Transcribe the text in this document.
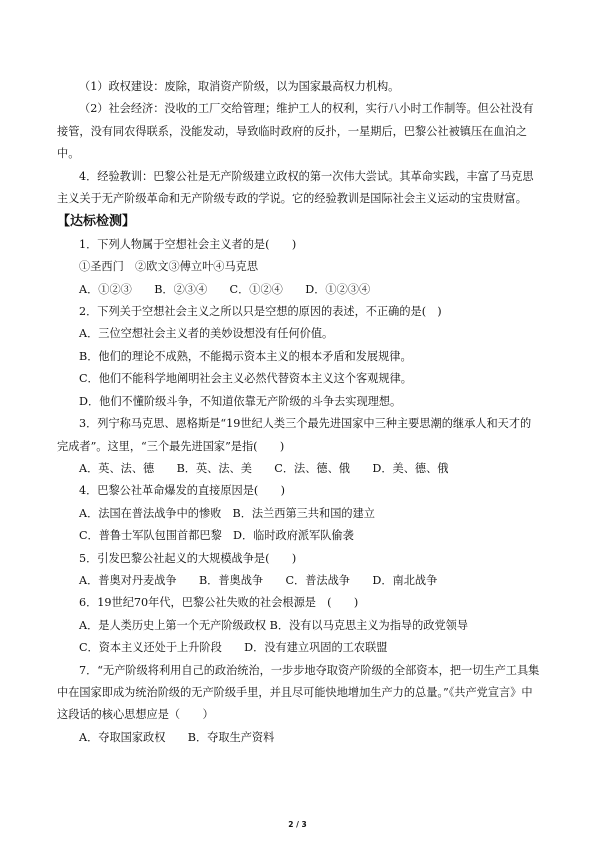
（1）政权建设：废除，取消资产阶级，以为国家最高权力机构。

（2）社会经济：没收的工厂交给管理；维护工人的权利，实行八小时工作制等。但公社没有接管，没有同农得联系，没能发动，导致临时政府的反扑，一星期后，巴黎公社被镇压在血泊之中。

4．经验教训：巴黎公社是无产阶级建立政权的第一次伟大尝试。其革命实践，丰富了马克思主义关于无产阶级革命和无产阶级专政的学说。它的经验教训是国际社会主义运动的宝贵财富。

【达标检测】

1．下列人物属于空想社会主义者的是(　　)

①圣西门　②欧文③傅立叶④马克思

A．①②③　　B．②③④　　C．①②④　　D．①②③④

2．下列关于空想社会主义之所以只是空想的原因的表述，不正确的是(　)

A．三位空想社会主义者的美妙设想没有任何价值。

B．他们的理论不成熟，不能揭示资本主义的根本矛盾和发展规律。

C．他们不能科学地阐明社会主义必然代替资本主义这个客观规律。

D．他们不懂阶级斗争，不知道依靠无产阶级的斗争去实现理想。

3．列宁称马克思、恩格斯是“19世纪人类三个最先进国家中三种主要思潮的继承人和天才的完成者”。这里，“三个最先进国家”是指(　　)

A．英、法、德　　B．英、法、美　　C．法、德、俄　　D．美、德、俄

4．巴黎公社革命爆发的直接原因是(　　)

A．法国在普法战争中的惨败　B．法兰西第三共和国的建立

C．普鲁士军队包围首都巴黎　D．临时政府派军队偷袭

5．引发巴黎公社起义的大规模战争是(　　)

A．普奥对丹麦战争　　B．普奥战争　　C．普法战争　　D．南北战争

6．19世纪70年代，巴黎公社失败的社会根源是　(　　)

A．是人类历史上第一个无产阶级政权 B．没有以马克思主义为指导的政党领导

C．资本主义还处于上升阶段　　D．没有建立巩固的工农联盟

7．“无产阶级将利用自己的政治统治，一步步地夺取资产阶级的全部资本，把一切生产工具集中在国家即成为统治阶级的无产阶级手里，并且尽可能快地增加生产力的总量。”《共产党宣言》中这段话的核心思想应是（　　）

A．夺取国家政权　　B．夺取生产资料

2 / 3
